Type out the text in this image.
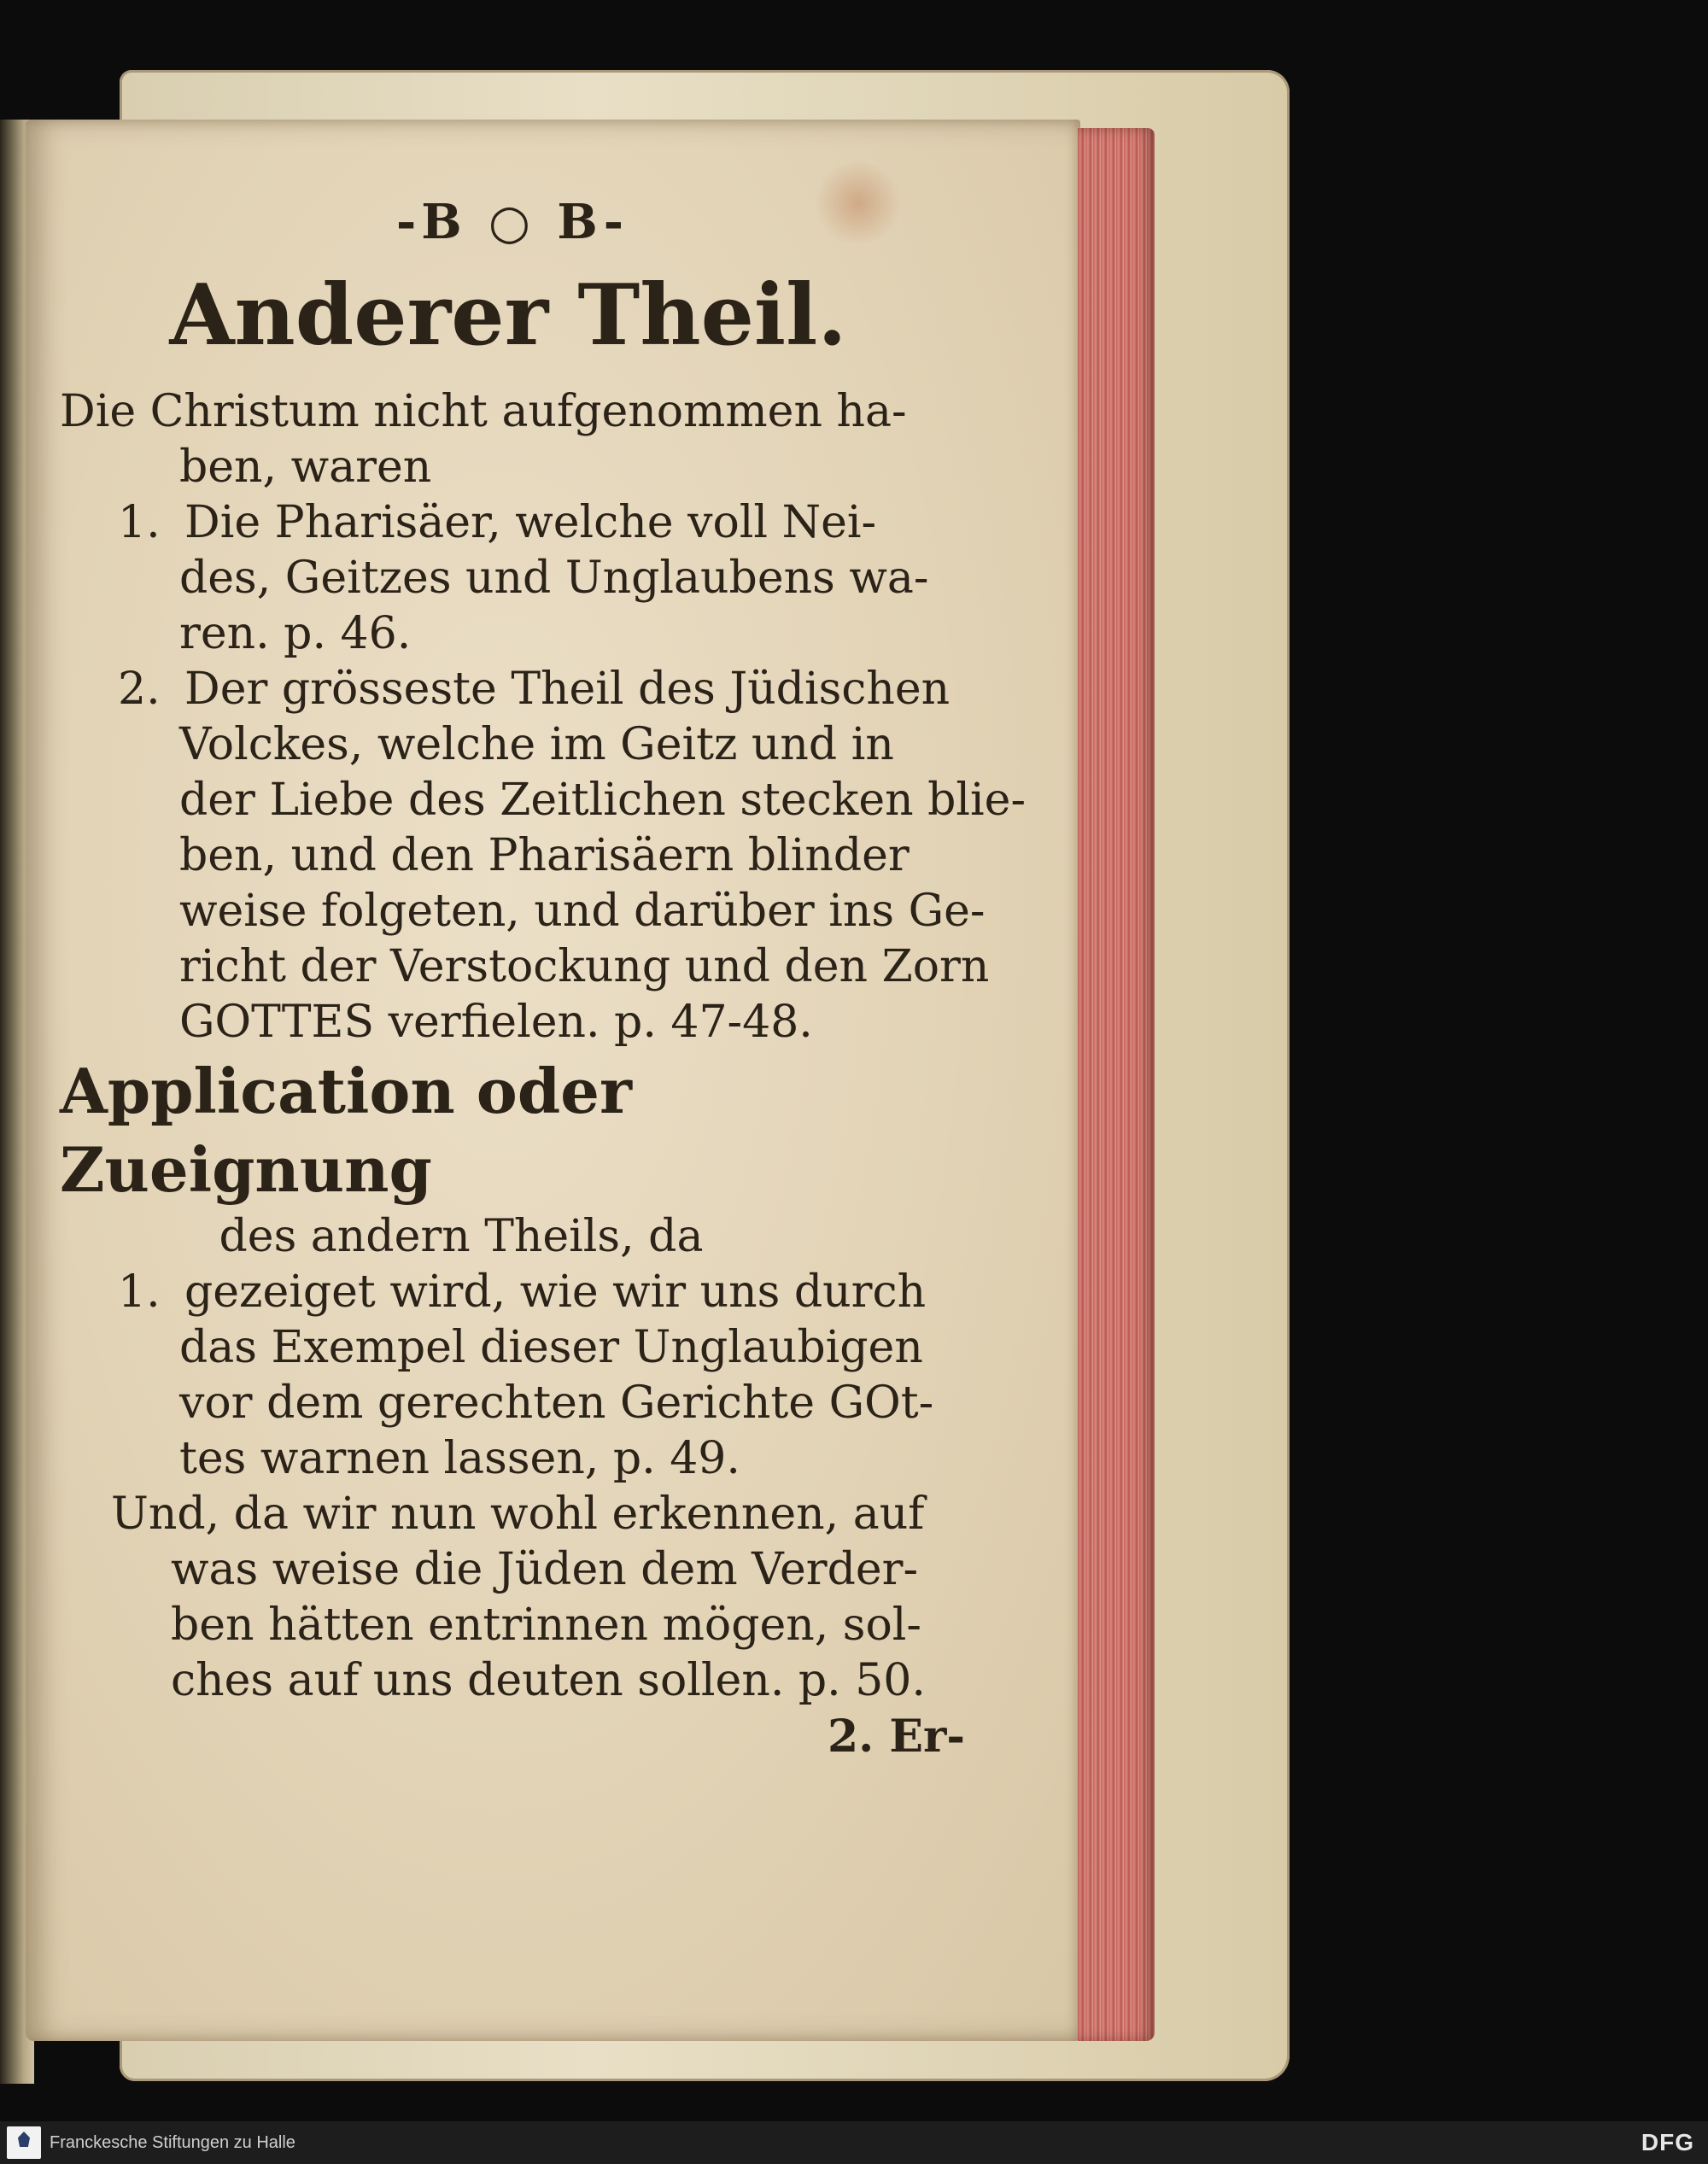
-B ○ B-
Anderer Theil.
Die Christum nicht aufgenommen ha-
ben, waren
1. Die Pharisäer, welche voll Nei-
des, Geitzes und Unglaubens wa-
ren. p. 46.
2. Der grösseste Theil des Jüdischen
Volckes, welche im Geitz und in
der Liebe des Zeitlichen stecken blie-
ben, und den Pharisäern blinder
weise folgeten, und darüber ins Ge-
richt der Verstockung und den Zorn
GOTTES verfielen. p. 47-48.
Application oder Zueignung
des andern Theils, da
1. gezeiget wird, wie wir uns durch
das Exempel dieser Unglaubigen
vor dem gerechten Gerichte GOt-
tes warnen lassen, p. 49.
Und, da wir nun wohl erkennen, auf
was weise die Jüden dem Verder-
ben hätten entrinnen mögen, sol-
ches auf uns deuten sollen. p. 50.
2. Er-
Franckesche Stiftungen zu Halle	DFG
